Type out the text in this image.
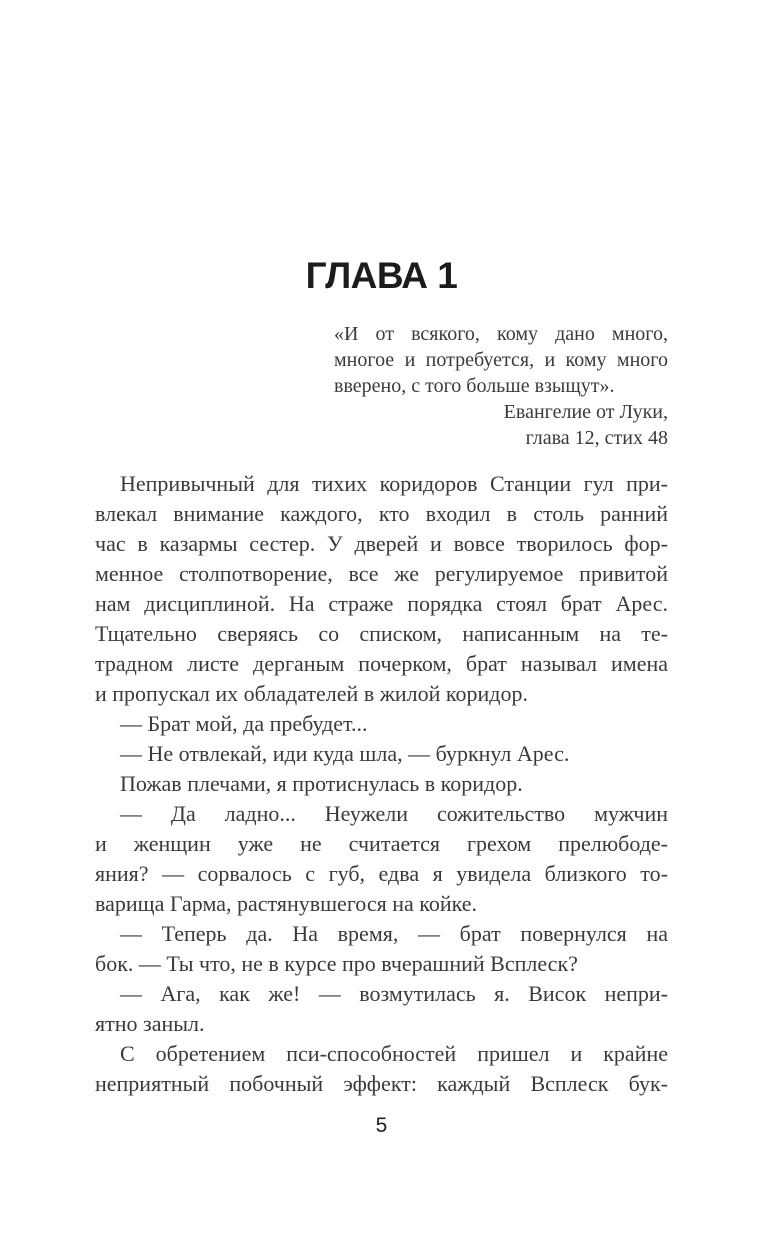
ГЛАВА 1
«И от всякого, кому дано много,
многое и потребуется, и кому много
вверено, с того больше взыщут».
Евангелие от Луки,
глава 12, стих 48
Непривычный для тихих коридоров Станции гул при-
влекал внимание каждого, кто входил в столь ранний
час в казармы сестер. У дверей и вовсе творилось фор-
менное столпотворение, все же регулируемое привитой
нам дисциплиной. На страже порядка стоял брат Арес.
Тщательно сверяясь со списком, написанным на те-
традном листе дерганым почерком, брат называл имена
и пропускал их обладателей в жилой коридор.
— Брат мой, да пребудет...
— Не отвлекай, иди куда шла, — буркнул Арес.
Пожав плечами, я протиснулась в коридор.
— Да ладно... Неужели сожительство мужчин
и женщин уже не считается грехом прелюбоде-
яния? — сорвалось с губ, едва я увидела близкого то-
варища Гарма, растянувшегося на койке.
— Теперь да. На время, — брат повернулся на
бок. — Ты что, не в курсе про вчерашний Всплеск?
— Ага, как же! — возмутилась я. Висок непри-
ятно заныл.
С обретением пси-способностей пришел и крайне
неприятный побочный эффект: каждый Всплеск бук-
5
